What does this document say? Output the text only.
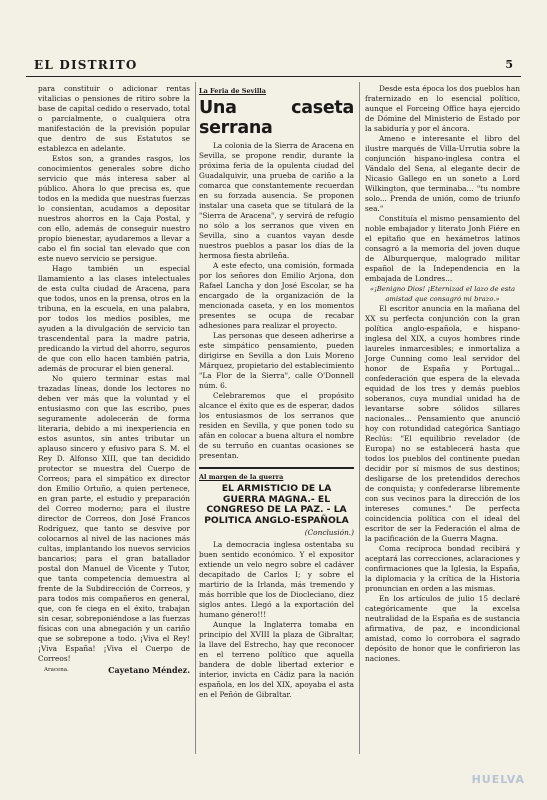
EL DISTRITO	5

para constituir o adicionar rentas vitalicias o pensiones de ritiro sobre la base de capital cedido o reservado, total o parcialmente, o cualquiera otra manifestación de la previsión popular que dentro de sus Estatutos se establezca en adelante.

Estos son, a grandes rasgos, los conocimientos generales sobre dicho servicio que más interesa saber al público. Ahora lo que precisa es, que todos en la medida que nuestras fuerzas lo consientan, acudamos a depositar nuestros ahorros en la Caja Postal, y con ello, además de conseguir nuestro propio bienestar, ayudaremos a llevar a cabo el fin social tan elevado que con este nuevo servicio se persigue.

Hago también un especial llamamiento a las clases intelectuales de esta culta ciudad de Aracena, para que todos, unos en la prensa, otros en la tribuna, en la escuela, en una palabra, por todos los medios posibles, me ayuden a la divulgación de servicio tan trascendental para la madre patria, predicando la virtud del ahorro, seguros de que con ello hacen también patria, además de procurar el bien general.

No quiero terminar estas mal trazadas líneas, donde los lectores no deben ver más que la voluntad y el entusiasmo con que las escribo, pues seguramente adolecerán de forma literaria, debido a mi inexperiencia en estos asuntos, sin antes tributar un aplauso sincero y efusivo para S. M. el Rey D. Alfonso XIII, que tan decidido protector se muestra del Cuerpo de Correos; para el simpático ex director don Emilio Ortuño, a quien pertenece, en gran parte, el estudio y preparación del Correo moderno; para el ilustre director de Correos, don José Francos Rodríguez, que tanto se desvive por colocarnos al nivel de las naciones más cultas, implantando los nuevos servicios bancarios; para el gran batallador postal don Manuel de Vicente y Tutor, que tanta competencia demuestra al frente de la Subdirección de Correos, y para todos mis compañeros en general, que, con fe ciega en el éxito, trabajan sin cesar, sobreponiéndose a las fuerzas físicas con una abnegación y un cariño que se sobrepone a todo. ¡Viva el Rey! ¡Viva España! ¡Viva el Cuerpo de Correos!

Aracena.	Cayetano Méndez.
La Feria de Sevilla
Una caseta serrana

La colonia de la Sierra de Aracena en Sevilla, se propone rendir, durante la próxima feria de la opulenta ciudad del Guadalquivir, una prueba de cariño a la comarca que constantemente recuerdan en su forzada ausencia. Se proponen instalar una caseta que se titulará de la "Sierra de Aracena", y servirá de refugio no sólo a los serranos que viven en Sevilla, sino a cuantos vayan desde nuestros pueblos a pasar los días de la hermosa fiesta abrileña.

A este efecto, una comisión, formada por los señores don Emilio Arjona, don Rafael Lancha y don José Escolar, se ha encargado de la organización de la mencionada caseta, y en los momentos presentes se ocupa de recabar adhesiones para realizar el proyecto.

Las personas que deseen adherirse a este simpático pensamiento, pueden dirigirse en Sevilla a don Luis Moreno Márquez, propietario del establecimiento "La Flor de la Sierra", calle O'Donnell núm. 6.

Celebraremos que el propósito alcance el éxito que es de esperar, dados los entusiasmos de los serranos que residen en Sevilla, y que ponen todo su afán en colocar a buena altura el nombre de su terruño en cuantas ocasiones se presentan.

Al margen de la guerra
EL ARMISTICIO DE LA GUERRA MAGNA.- EL CONGRESO DE LA PAZ. - LA POLITICA ANGLO-ESPAÑOLA
(Conclusión.)

La democracia inglesa ostentaba su buen sentido económico. Y el expositor extiende un velo negro sobre el cadáver decapitado de Carlos I; y sobre el martirio de la Irlanda, más tremendo y más horrible que los de Diocleciano, diez siglos antes. Llegó a la exportación del humano género!!!

Aunque la Inglaterra tomaba en principio del XVIII la plaza de Gibraltar, la llave del Estrecho, hay que reconocer en el terreno político que aquella bandera de doble libertad exterior e interior, invicta en Cádiz para la nación española, en los del XIX, apoyaba el asta en el Peñón de Gibraltar.

Desde esta época los dos pueblos han fraternizado en lo esencial político, aunque el Forceing Office haya ejercido de Dómine del Ministerio de Estado por la sabiduría y por el áncora.

Ameno e interesante el libro del ilustre marqués de Villa-Urrutia sobre la conjunción hispano-inglesa contra el Vándalo del Sena, al elegante decir de Nicasio Gallego en un soneto a Lord Wilkington, que terminaba... "tu nombre solo... Prenda de unión, como de triunfo sea."

Constituía el mismo pensamiento del noble embajador y literato Jonh Fiére en el epitafio que en hexámetros latinos consagró a la memoria del joven duque de Alburquerque, malogrado militar español de la Independencia en la embajada de Londres...

«¡Benigno Dios! ¡Eternizad el lazo de esta amistad que consagró mi brazo.»

El escritor anuncia en la mañana del XX su perfecta conjunción con la gran política anglo-española, e hispano-inglesa del XIX, a cuyos hombres rinde laureles inmarcesibles; e inmortaliza a Jorge Cunning como leal servidor del honor de España y Portugal... confederación que espera de la elevada equidad de los tres y demás pueblos soberanos, cuya mundial unidad ha de levantarse sobre sólidos sillares nacionales... Pensamiento que anunció hoy con rotundidad categórica Santiago Reclús: "El equilibrio revelador (de Europa) no se establecerá hasta que todos los pueblos del continente puedan decidir por sí mismos de sus destinos; desligarse de los pretendidos derechos de conquista; y confederarse libremente con sus vecinos para la dirección de los intereses comunes." De perfecta coincidencia política con el ideal del escritor de ser la Federación el alma de la pacificación de la Guerra Magna.

Coma recíproca bondad recibirá y aceptará las correcciones, aclaraciones y confirmaciones que la Iglesia, la España, la diplomacia y la crítica de la Historia pronuncian en orden a las mismas.

En los artículos de julio 15 declaré categóricamente que la excelsa neutralidad de la España es de sustancia afirmativa, de paz, e incondicional amistad, como lo corrobora el sagrado depósito de honor que le confirieron las naciones.

HUELVA
